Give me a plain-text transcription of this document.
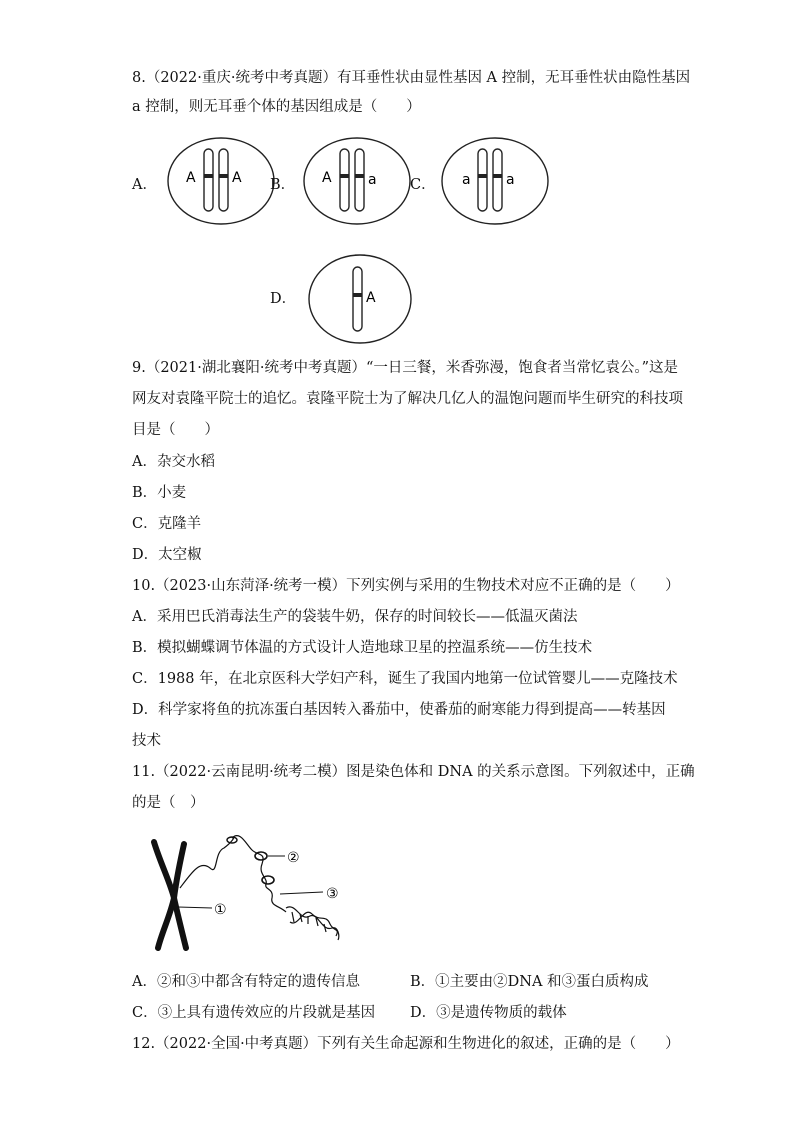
8.（2022·重庆·统考中考真题）有耳垂性状由显性基因 A 控制，无耳垂性状由隐性基因
a 控制，则无耳垂个体的基因组成是（　　）
A． A	A B． A	a C． a	a
D．	A
9.（2021·湖北襄阳·统考中考真题）“一日三餐，米香弥漫，饱食者当常忆袁公。”这是
网友对袁隆平院士的追忆。袁隆平院士为了解决几亿人的温饱问题而毕生研究的科技项
目是（　　）
A．杂交水稻
B．小麦
C．克隆羊
D．太空椒
10.（2023·山东菏泽·统考一模）下列实例与采用的生物技术对应不正确的是（　　）
A．采用巴氏消毒法生产的袋装牛奶，保存的时间较长——低温灭菌法
B．模拟蝴蝶调节体温的方式设计人造地球卫星的控温系统——仿生技术
C．1988 年，在北京医科大学妇产科，诞生了我国内地第一位试管婴儿——克隆技术
D．科学家将鱼的抗冻蛋白基因转入番茄中，使番茄的耐寒能力得到提高——转基因
技术
11.（2022·云南昆明·统考二模）图是染色体和 DNA 的关系示意图。下列叙述中，正确
的是（　）
①
②
③
A．②和③中都含有特定的遗传信息	B．①主要由②DNA 和③蛋白质构成
C．③上具有遗传效应的片段就是基因 D．③是遗传物质的载体
12.（2022·全国·中考真题）下列有关生命起源和生物进化的叙述，正确的是（　　）
